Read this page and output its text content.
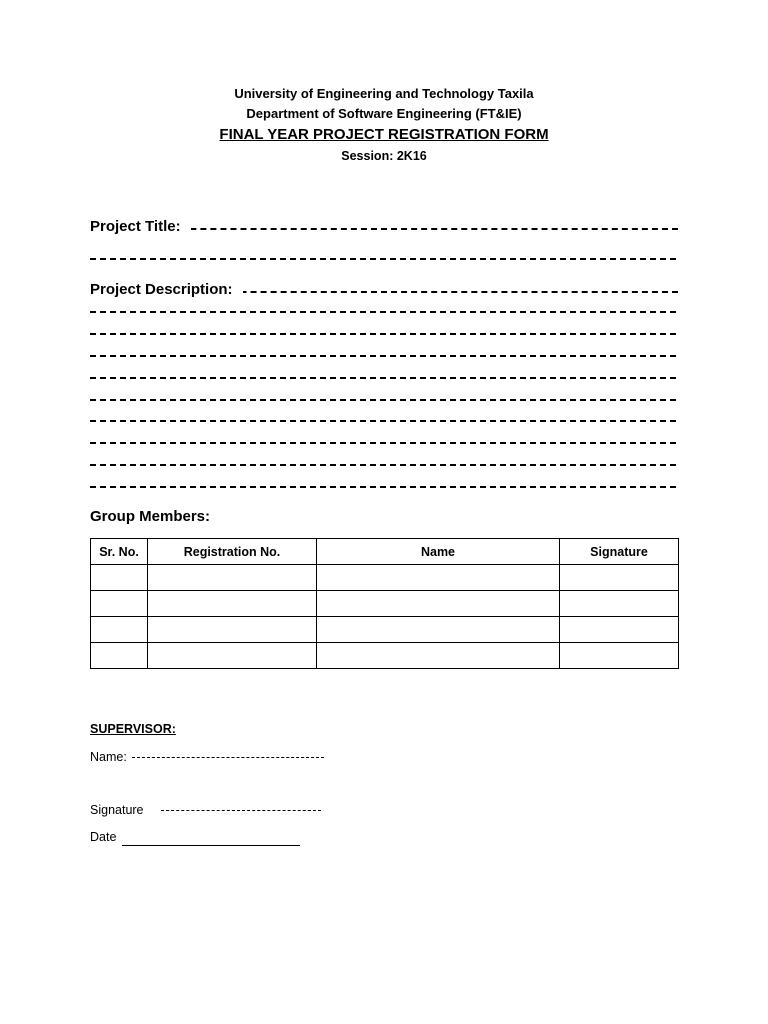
University of Engineering and Technology Taxila
Department of Software Engineering (FT&IE)
FINAL YEAR PROJECT REGISTRATION FORM
Session: 2K16
Project Title:
Project Description:
Group Members:
Sr. No.	Registration No.	Name	Signature

SUPERVISOR:
Name:
Signature
Date
